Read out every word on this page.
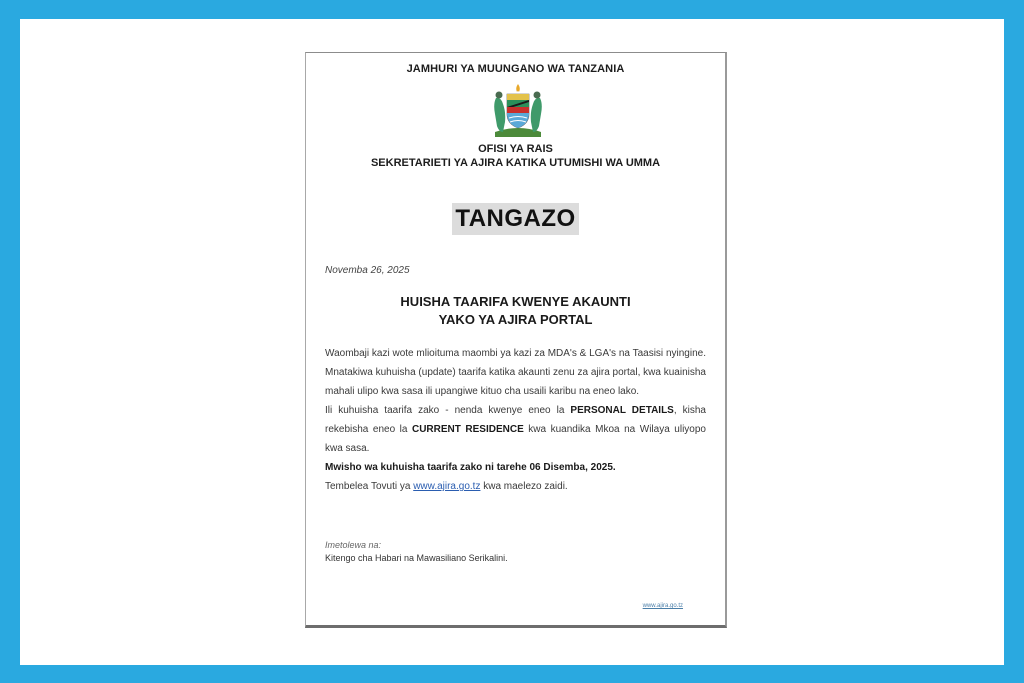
JAMHURI YA MUUNGANO WA TANZANIA
OFISI YA RAIS
SEKRETARIETI YA AJIRA KATIKA UTUMISHI WA UMMA
TANGAZO
Novemba 26, 2025
HUISHA TAARIFA KWENYE AKAUNTI
YAKO YA AJIRA PORTAL

Waombaji kazi wote mlioituma maombi ya kazi za MDA's & LGA's na Taasisi nyingine. Mnatakiwa kuhuisha (update) taarifa katika akaunti zenu za ajira portal, kwa kuainisha mahali ulipo kwa sasa ili upangiwe kituo cha usaili karibu na eneo lako.

Ili kuhuisha taarifa zako - nenda kwenye eneo la PERSONAL DETAILS, kisha rekebisha eneo la CURRENT RESIDENCE kwa kuandika Mkoa na Wilaya uliyopo kwa sasa.

Mwisho wa kuhuisha taarifa zako ni tarehe 06 Disemba, 2025.

Tembelea Tovuti ya www.ajira.go.tz kwa maelezo zaidi.

Imetolewa na:
Kitengo cha Habari na Mawasiliano Serikalini.
www.ajira.go.tz
